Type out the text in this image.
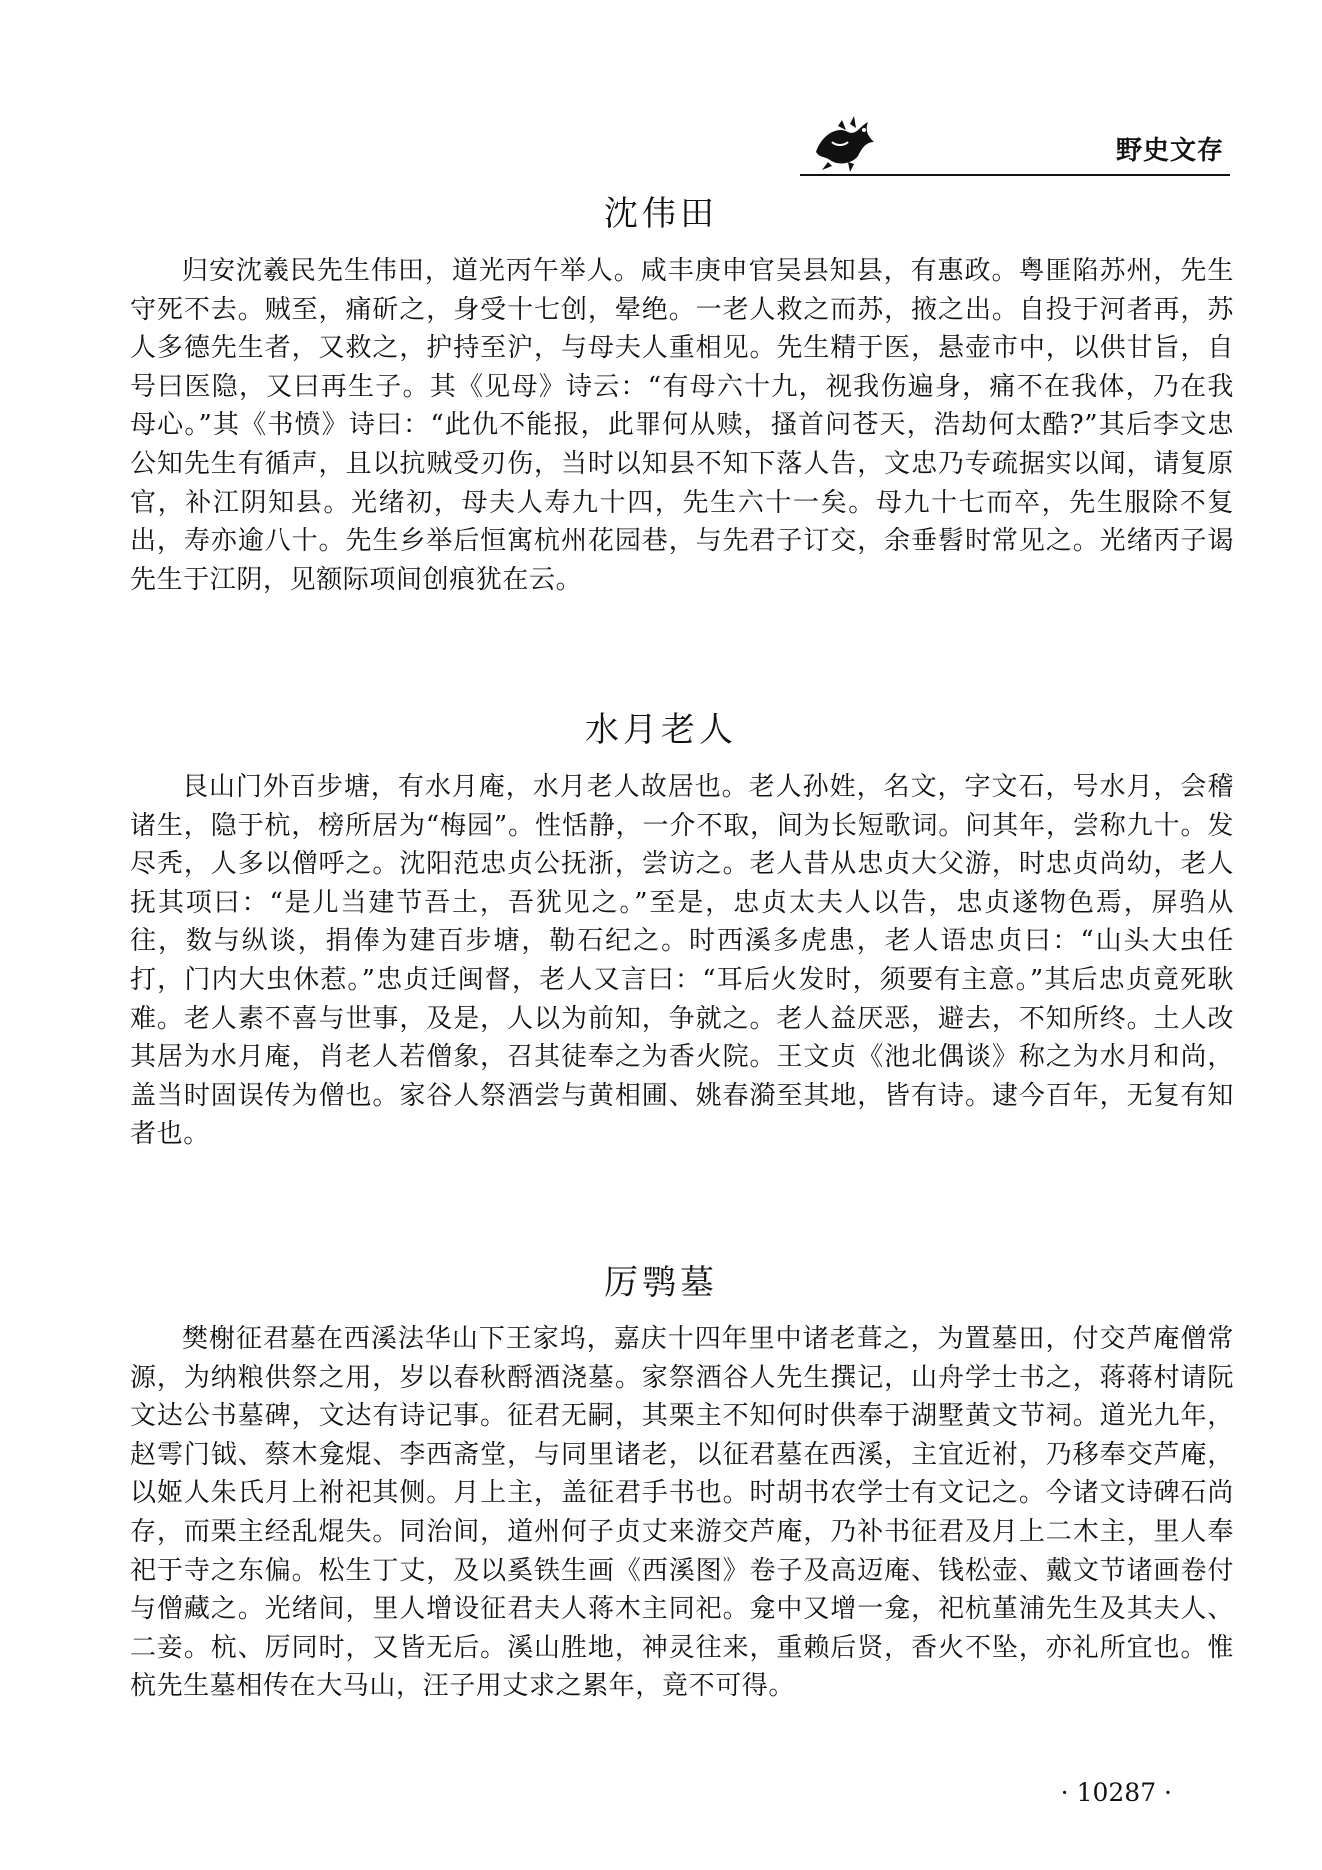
野史文存
沈伟田

归安沈羲民先生伟田，道光丙午举人。咸丰庚申官吴县知县，有惠政。粤匪陷苏州，先生守死不去。贼至，痛斫之，身受十七创，晕绝。一老人救之而苏，掖之出。自投于河者再，苏人多德先生者，又救之，护持至沪，与母夫人重相见。先生精于医，悬壶市中，以供甘旨，自号曰医隐，又曰再生子。其《见母》诗云：“有母六十九，视我伤遍身，痛不在我体，乃在我母心。”其《书愤》诗曰：“此仇不能报，此罪何从赎，搔首问苍天，浩劫何太酷?”其后李文忠公知先生有循声，且以抗贼受刃伤，当时以知县不知下落人告，文忠乃专疏据实以闻，请复原官，补江阴知县。光绪初，母夫人寿九十四，先生六十一矣。母九十七而卒，先生服除不复出，寿亦逾八十。先生乡举后恒寓杭州花园巷，与先君子订交，余垂髫时常见之。光绪丙子谒先生于江阴，见额际项间创痕犹在云。

水月老人

艮山门外百步塘，有水月庵，水月老人故居也。老人孙姓，名文，字文石，号水月，会稽诸生，隐于杭，榜所居为“梅园”。性恬静，一介不取，间为长短歌词。问其年，尝称九十。发尽秃，人多以僧呼之。沈阳范忠贞公抚浙，尝访之。老人昔从忠贞大父游，时忠贞尚幼，老人抚其项曰：“是儿当建节吾土，吾犹见之。”至是，忠贞太夫人以告，忠贞遂物色焉，屏驺从往，数与纵谈，捐俸为建百步塘，勒石纪之。时西溪多虎患，老人语忠贞曰：“山头大虫任打，门内大虫休惹。”忠贞迁闽督，老人又言曰：“耳后火发时，须要有主意。”其后忠贞竟死耿难。老人素不喜与世事，及是，人以为前知，争就之。老人益厌恶，避去，不知所终。土人改其居为水月庵，肖老人若僧象，召其徒奉之为香火院。王文贞《池北偶谈》称之为水月和尚，盖当时固误传为僧也。家谷人祭酒尝与黄相圃、姚春漪至其地，皆有诗。逮今百年，无复有知者也。

厉鹗墓

樊榭征君墓在西溪法华山下王家坞，嘉庆十四年里中诸老葺之，为置墓田，付交芦庵僧常源，为纳粮供祭之用，岁以春秋酹酒浇墓。家祭酒谷人先生撰记，山舟学士书之，蒋蒋村请阮文达公书墓碑，文达有诗记事。征君无嗣，其栗主不知何时供奉于湖墅黄文节祠。道光九年，赵雩门钺、蔡木龛焜、李西斋堂，与同里诸老，以征君墓在西溪，主宜近祔，乃移奉交芦庵，以姬人朱氏月上祔祀其侧。月上主，盖征君手书也。时胡书农学士有文记之。今诸文诗碑石尚存，而栗主经乱焜失。同治间，道州何子贞丈来游交芦庵，乃补书征君及月上二木主，里人奉祀于寺之东偏。松生丁丈，及以奚铁生画《西溪图》卷子及高迈庵、钱松壶、戴文节诸画卷付与僧藏之。光绪间，里人增设征君夫人蒋木主同祀。龛中又增一龛，祀杭堇浦先生及其夫人、二妾。杭、厉同时，又皆无后。溪山胜地，神灵往来，重赖后贤，香火不坠，亦礼所宜也。惟杭先生墓相传在大马山，汪子用丈求之累年，竟不可得。

· 10287 ·
